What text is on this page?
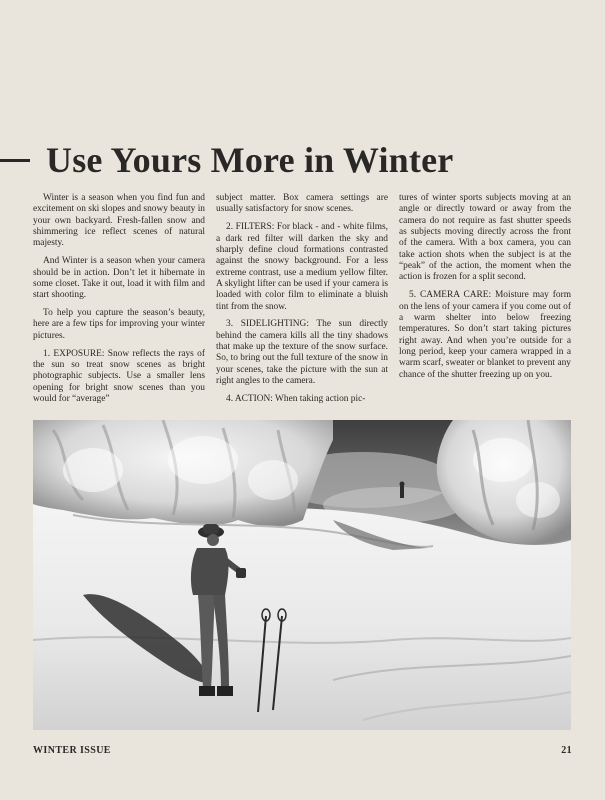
Use Yours More in Winter

Winter is a season when you find fun and excitement on ski slopes and snowy beauty in your own backyard. Fresh-fallen snow and shimmering ice reflect scenes of natural majesty.

And Winter is a season when your camera should be in action. Don’t let it hibernate in some closet. Take it out, load it with film and start shooting.

To help you capture the season’s beauty, here are a few tips for improving your winter pictures.

1. EXPOSURE: Snow reflects the rays of the sun so treat snow scenes as bright photographic subjects. Use a smaller lens opening for bright snow scenes than you would for “average”

subject matter. Box camera settings are usually satisfactory for snow scenes.

2. FILTERS: For black - and - white films, a dark red filter will darken the sky and sharply define cloud formations contrasted against the snowy background. For a less extreme contrast, use a medium yellow filter. A skylight lifter can be used if your camera is loaded with color film to eliminate a bluish tint from the snow.

3. SIDELIGHTING: The sun directly behind the camera kills all the tiny shadows that make up the texture of the snow surface. So, to bring out the full texture of the snow in your scenes, take the picture with the sun at right angles to the camera.

4. ACTION: When taking action pic-

tures of winter sports subjects moving at an angle or directly toward or away from the camera do not require as fast shutter speeds as subjects moving directly across the front of the camera. With a box camera, you can take action shots when the subject is at the “peak” of the action, the moment when the action is frozen for a split second.

5. CAMERA CARE: Moisture may form on the lens of your camera if you come out of a warm shelter into below freezing temperatures. So don’t start taking pictures right away. And when you’re outside for a long period, keep your camera wrapped in a warm scarf, sweater or blanket to prevent any chance of the shutter freezing up on you.

WINTER ISSUE	21
